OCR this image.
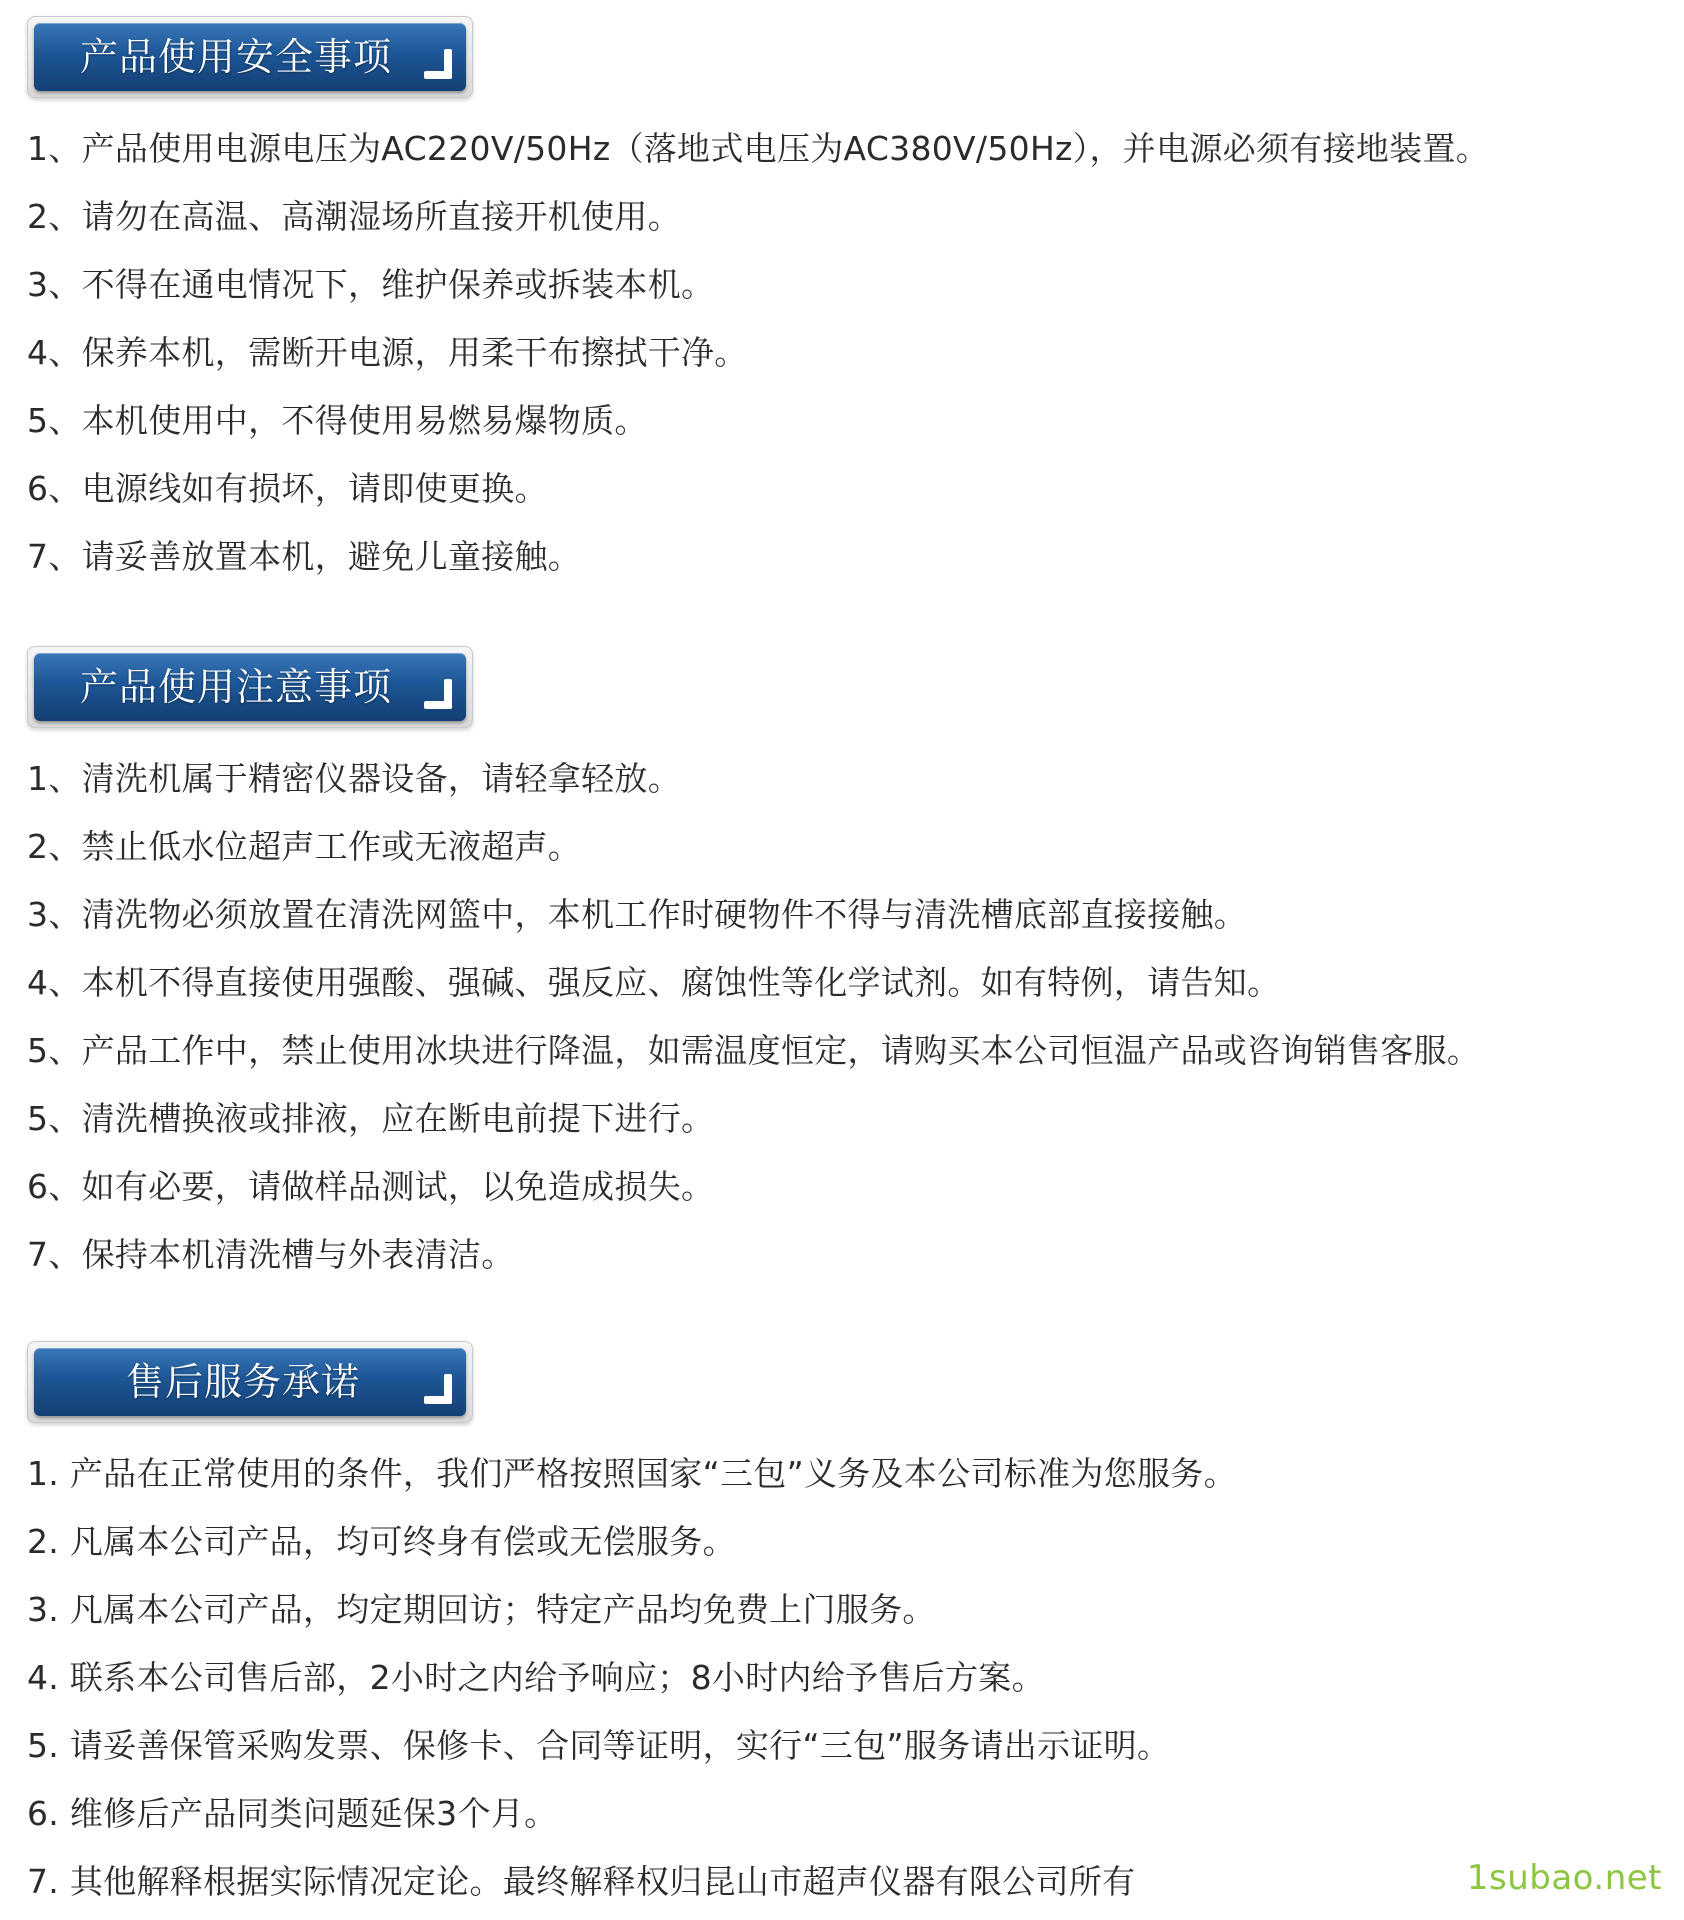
产品使用安全事项
1、产品使用电源电压为AC220V/50Hz（落地式电压为AC380V/50Hz），并电源必须有接地装置。
2、请勿在高温、高潮湿场所直接开机使用。
3、不得在通电情况下，维护保养或拆装本机。
4、保养本机，需断开电源，用柔干布擦拭干净。
5、本机使用中，不得使用易燃易爆物质。
6、电源线如有损坏，请即使更换。
7、请妥善放置本机，避免儿童接触。
产品使用注意事项
1、清洗机属于精密仪器设备，请轻拿轻放。
2、禁止低水位超声工作或无液超声。
3、清洗物必须放置在清洗网篮中，本机工作时硬物件不得与清洗槽底部直接接触。
4、本机不得直接使用强酸、强碱、强反应、腐蚀性等化学试剂。如有特例，请告知。
5、产品工作中，禁止使用冰块进行降温，如需温度恒定，请购买本公司恒温产品或咨询销售客服。
5、清洗槽换液或排液，应在断电前提下进行。
6、如有必要，请做样品测试，以免造成损失。
7、保持本机清洗槽与外表清洁。
售后服务承诺
1. 产品在正常使用的条件，我们严格按照国家“三包”义务及本公司标准为您服务。
2. 凡属本公司产品，均可终身有偿或无偿服务。
3. 凡属本公司产品，均定期回访；特定产品均免费上门服务。
4. 联系本公司售后部，2小时之内给予响应；8小时内给予售后方案。
5. 请妥善保管采购发票、保修卡、合同等证明，实行“三包”服务请出示证明。
6. 维修后产品同类问题延保3个月。
7. 其他解释根据实际情况定论。最终解释权归昆山市超声仪器有限公司所有	1subao.net
